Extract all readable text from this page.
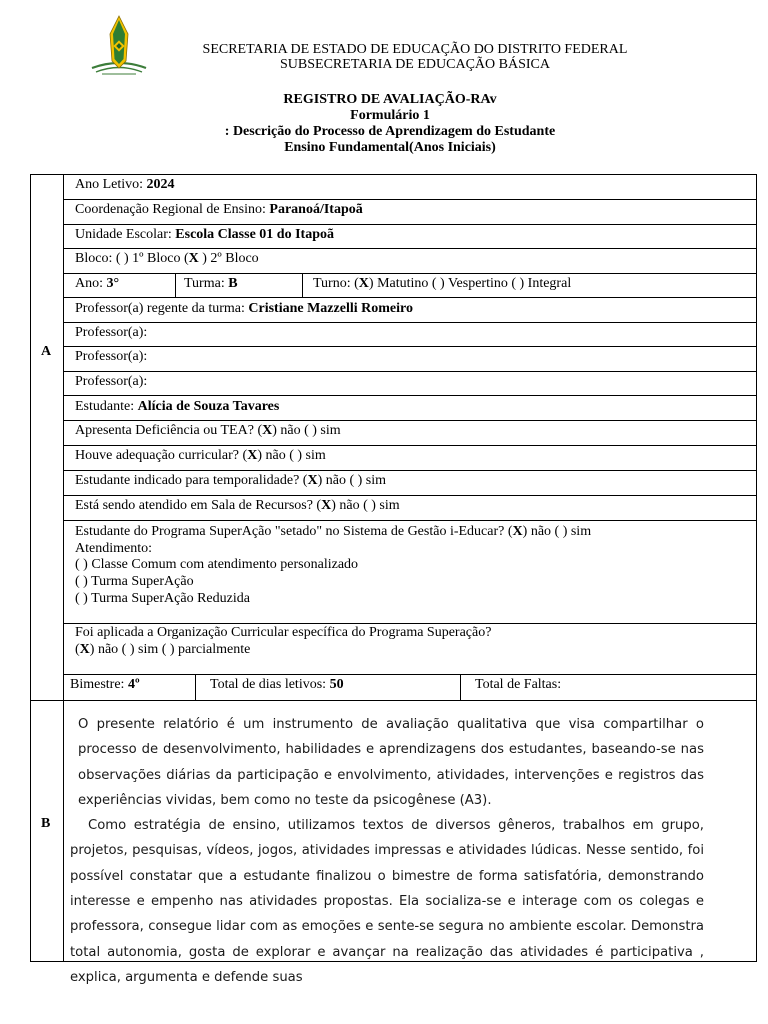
SECRETARIA DE ESTADO DE EDUCAÇÃO DO DISTRITO FEDERAL
SUBSECRETARIA DE EDUCAÇÃO BÁSICA
REGISTRO DE AVALIAÇÃO-RAv
Formulário 1
: Descrição do Processo de Aprendizagem do Estudante
Ensino Fundamental(Anos Iniciais)
A
B
Ano Letivo: 2024
Coordenação Regional de Ensino: Paranoá/Itapoã
Unidade Escolar: Escola Classe 01 do Itapoã
Bloco: ( ) 1º Bloco (X ) 2º Bloco
Ano: 3°	Turma: B	Turno: (X) Matutino ( ) Vespertino ( ) Integral
Professor(a) regente da turma: Cristiane Mazzelli Romeiro
Professor(a):
Professor(a):
Professor(a):
Estudante: Alícia de Souza Tavares
Apresenta Deficiência ou TEA? (X) não ( ) sim
Houve adequação curricular? (X) não ( ) sim
Estudante indicado para temporalidade? (X) não ( ) sim
Está sendo atendido em Sala de Recursos? (X) não ( ) sim
Estudante do Programa SuperAção "setado" no Sistema de Gestão i-Educar? (X) não ( ) sim
Atendimento:
( ) Classe Comum com atendimento personalizado
( ) Turma SuperAção
( ) Turma SuperAção Reduzida
Foi aplicada a Organização Curricular específica do Programa Superação?
(X) não ( ) sim ( ) parcialmente
Bimestre: 4º	Total de dias letivos: 50	Total de Faltas:

O presente relatório é um instrumento de avaliação qualitativa que visa compartilhar o processo de desenvolvimento, habilidades e aprendizagens dos estudantes, baseando-se nas observações diárias da participação e envolvimento, atividades, intervenções e registros das experiências vividas, bem como no teste da psicogênese (A3).

Como estratégia de ensino, utilizamos textos de diversos gêneros, trabalhos em grupo, projetos, pesquisas, vídeos, jogos, atividades impressas e atividades lúdicas. Nesse sentido, foi possível constatar que a estudante finalizou o bimestre de forma satisfatória, demonstrando interesse e empenho nas atividades propostas. Ela socializa-se e interage com os colegas e professora, consegue lidar com as emoções e sente-se segura no ambiente escolar. Demonstra total autonomia, gosta de explorar e avançar na realização das atividades é participativa , explica, argumenta e defende suas
